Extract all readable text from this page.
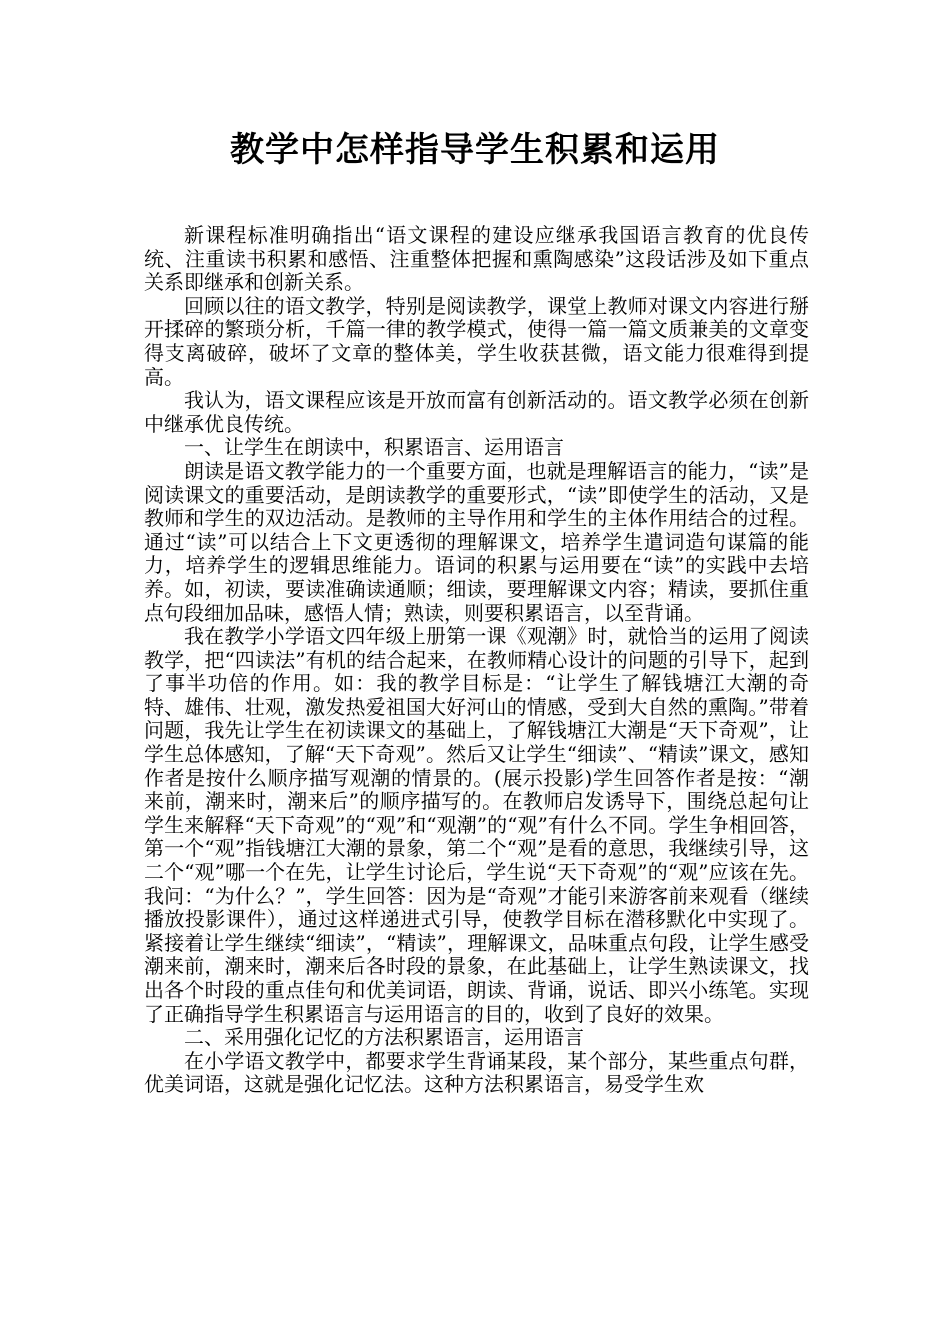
教学中怎样指导学生积累和运用

新课程标准明确指出“语文课程的建设应继承我国语言教育的优良传统、注重读书积累和感悟、注重整体把握和熏陶感染”这段话涉及如下重点关系即继承和创新关系。

回顾以往的语文教学，特别是阅读教学，课堂上教师对课文内容进行掰开揉碎的繁琐分析，千篇一律的教学模式，使得一篇一篇文质兼美的文章变得支离破碎，破坏了文章的整体美，学生收获甚微，语文能力很难得到提高。

我认为，语文课程应该是开放而富有创新活动的。语文教学必须在创新中继承优良传统。

一、让学生在朗读中，积累语言、运用语言

朗读是语文教学能力的一个重要方面，也就是理解语言的能力，“读”是阅读课文的重要活动，是朗读教学的重要形式，“读”即使学生的活动，又是教师和学生的双边活动。是教师的主导作用和学生的主体作用结合的过程。通过“读”可以结合上下文更透彻的理解课文，培养学生遣词造句谋篇的能力，培养学生的逻辑思维能力。语词的积累与运用要在“读”的实践中去培养。如，初读，要读准确读通顺；细读，要理解课文内容；精读，要抓住重点句段细加品味，感悟人情；熟读，则要积累语言，以至背诵。

我在教学小学语文四年级上册第一课《观潮》时，就恰当的运用了阅读教学，把“四读法”有机的结合起来，在教师精心设计的问题的引导下，起到了事半功倍的作用。如：我的教学目标是：“让学生了解钱塘江大潮的奇特、雄伟、壮观，激发热爱祖国大好河山的情感，受到大自然的熏陶。”带着问题，我先让学生在初读课文的基础上，了解钱塘江大潮是“天下奇观”，让学生总体感知，了解“天下奇观”。然后又让学生“细读”、“精读”课文，感知作者是按什么顺序描写观潮的情景的。(展示投影)学生回答作者是按：“潮来前，潮来时，潮来后”的顺序描写的。在教师启发诱导下，围绕总起句让学生来解释“天下奇观”的“观”和“观潮”的“观”有什么不同。学生争相回答，第一个“观”指钱塘江大潮的景象，第二个“观”是看的意思，我继续引导，这二个“观”哪一个在先，让学生讨论后，学生说“天下奇观”的“观”应该在先。我问：“为什么？”，学生回答：因为是“奇观”才能引来游客前来观看（继续播放投影课件），通过这样递进式引导，使教学目标在潜移默化中实现了。紧接着让学生继续“细读”，“精读”，理解课文，品味重点句段，让学生感受潮来前，潮来时，潮来后各时段的景象，在此基础上，让学生熟读课文，找出各个时段的重点佳句和优美词语，朗读、背诵，说话、即兴小练笔。实现了正确指导学生积累语言与运用语言的目的，收到了良好的效果。

二、采用强化记忆的方法积累语言，运用语言

在小学语文教学中，都要求学生背诵某段，某个部分，某些重点句群，优美词语，这就是强化记忆法。这种方法积累语言，易受学生欢
